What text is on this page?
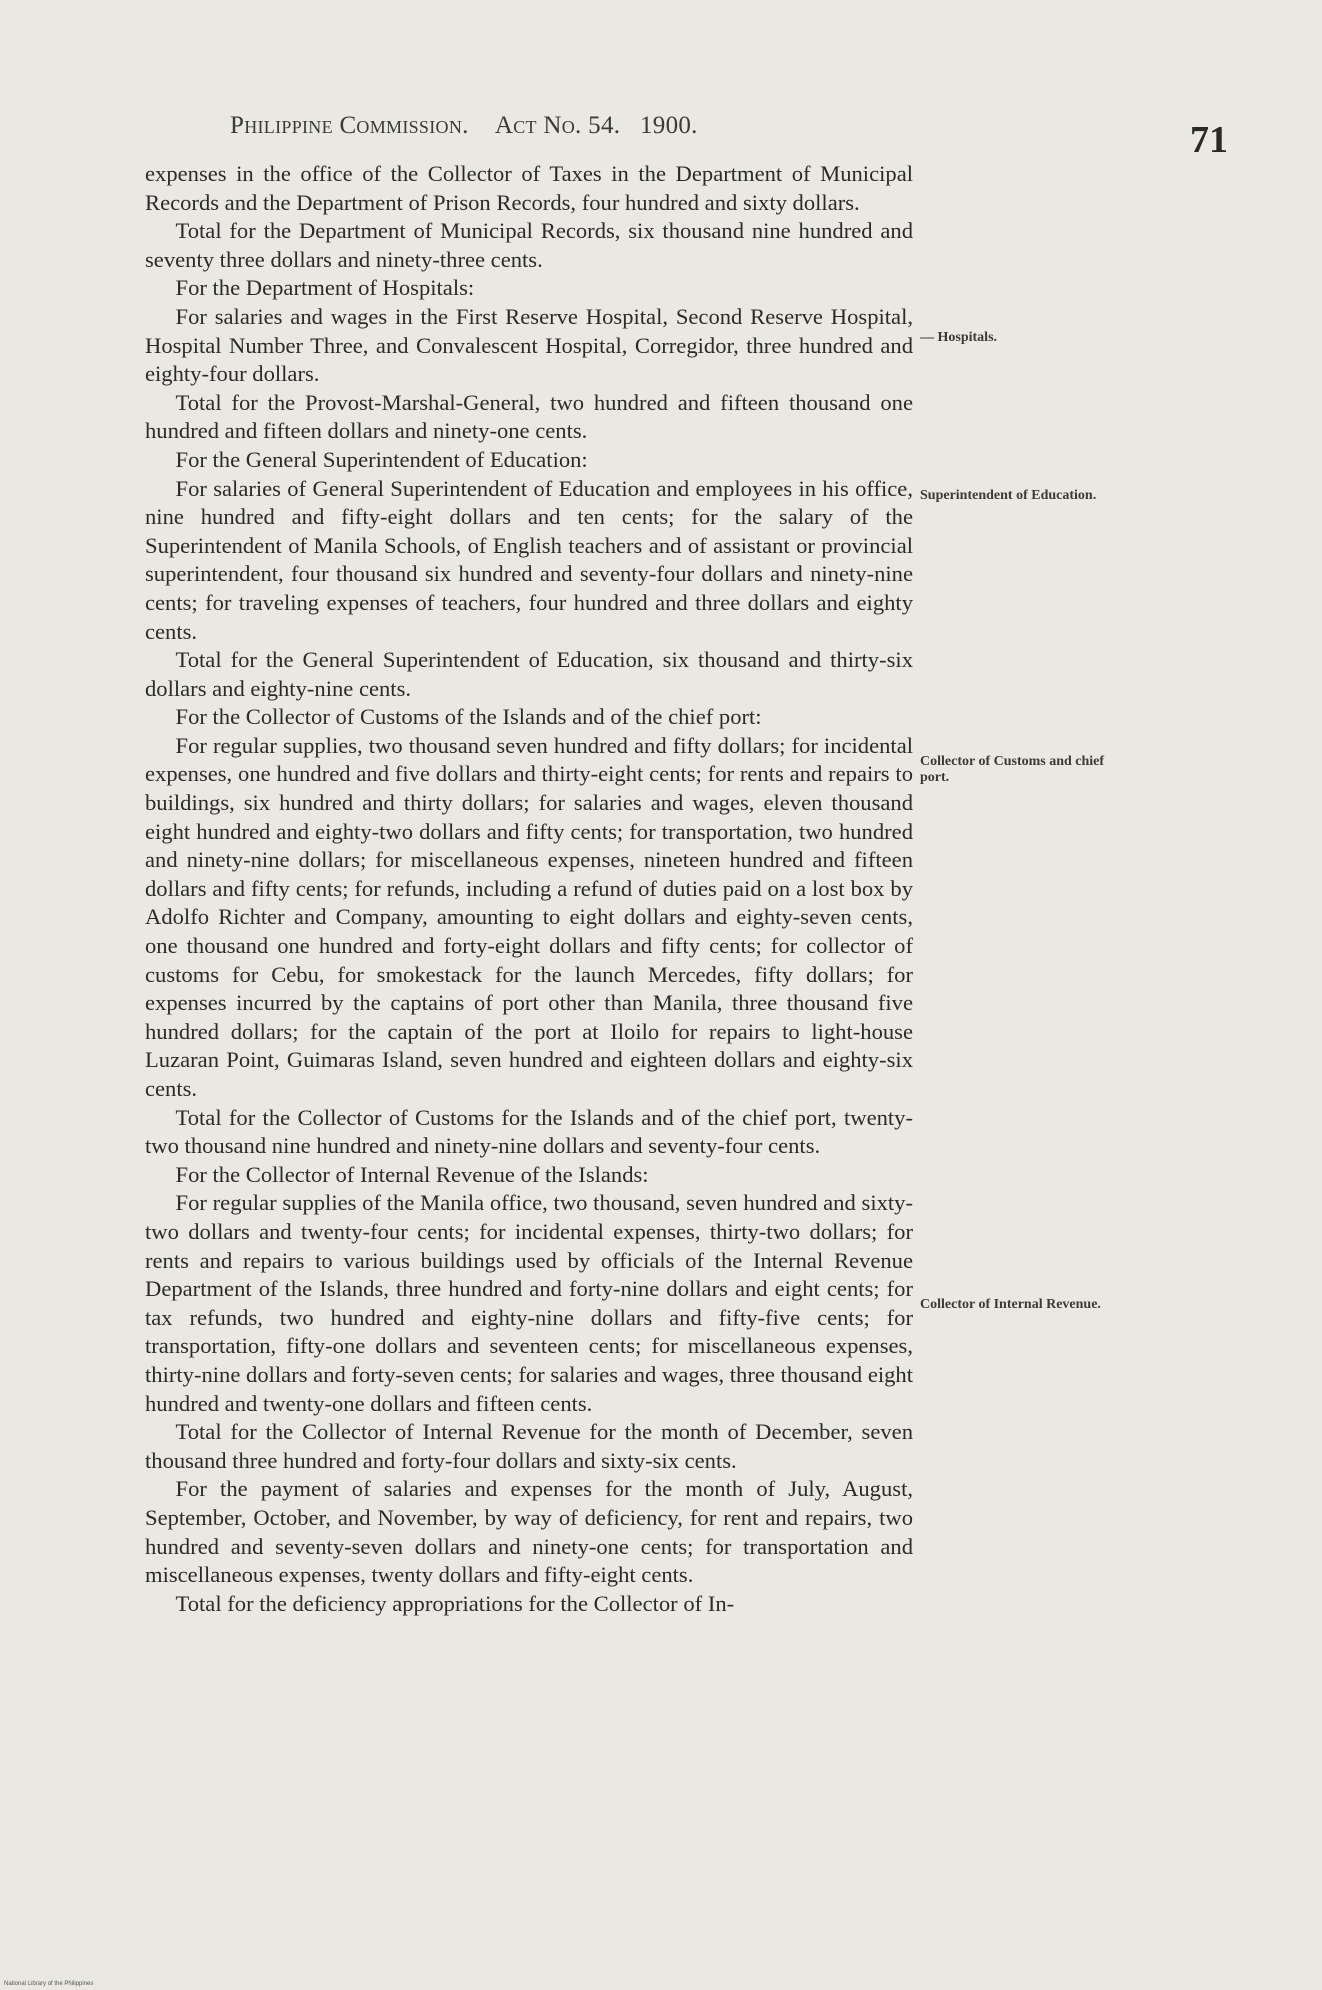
Philippine Commission. Act No. 54. 1900.	71

expenses in the office of the Collector of Taxes in the Department of Municipal Records and the Department of Prison Records, four hundred and sixty dollars.

Total for the Department of Municipal Records, six thousand nine hundred and seventy three dollars and ninety-three cents.

For the Department of Hospitals:

For salaries and wages in the First Reserve Hospital, Second Reserve Hospital, Hospital Number Three, and Convalescent Hospital, Corregidor, three hundred and eighty-four dollars.

Total for the Provost-Marshal-General, two hundred and fifteen thousand one hundred and fifteen dollars and ninety-one cents.

For the General Superintendent of Education:

For salaries of General Superintendent of Education and employees in his office, nine hundred and fifty-eight dollars and ten cents; for the salary of the Superintendent of Manila Schools, of English teachers and of assistant or provincial superintendent, four thousand six hundred and seventy-four dollars and ninety-nine cents; for traveling expenses of teachers, four hundred and three dollars and eighty cents.

Total for the General Superintendent of Education, six thousand and thirty-six dollars and eighty-nine cents.

For the Collector of Customs of the Islands and of the chief port:

For regular supplies, two thousand seven hundred and fifty dollars; for incidental expenses, one hundred and five dollars and thirty-eight cents; for rents and repairs to buildings, six hundred and thirty dollars; for salaries and wages, eleven thousand eight hundred and eighty-two dollars and fifty cents; for transportation, two hundred and ninety-nine dollars; for miscellaneous expenses, nineteen hundred and fifteen dollars and fifty cents; for refunds, including a refund of duties paid on a lost box by Adolfo Richter and Company, amounting to eight dollars and eighty-seven cents, one thousand one hundred and forty-eight dollars and fifty cents; for collector of customs for Cebu, for smokestack for the launch Mercedes, fifty dollars; for expenses incurred by the captains of port other than Manila, three thousand five hundred dollars; for the captain of the port at Iloilo for repairs to light-house Luzaran Point, Guimaras Island, seven hundred and eighteen dollars and eighty-six cents.

Total for the Collector of Customs for the Islands and of the chief port, twenty-two thousand nine hundred and ninety-nine dollars and seventy-four cents.

For the Collector of Internal Revenue of the Islands:

For regular supplies of the Manila office, two thousand, seven hundred and sixty-two dollars and twenty-four cents; for incidental expenses, thirty-two dollars; for rents and repairs to various buildings used by officials of the Internal Revenue Department of the Islands, three hundred and forty-nine dollars and eight cents; for tax refunds, two hundred and eighty-nine dollars and fifty-five cents; for transportation, fifty-one dollars and seventeen cents; for miscellaneous expenses, thirty-nine dollars and forty-seven cents; for salaries and wages, three thousand eight hundred and twenty-one dollars and fifteen cents.

Total for the Collector of Internal Revenue for the month of December, seven thousand three hundred and forty-four dollars and sixty-six cents.

For the payment of salaries and expenses for the month of July, August, September, October, and November, by way of deficiency, for rent and repairs, two hundred and seventy-seven dollars and ninety-one cents; for transportation and miscellaneous expenses, twenty dollars and fifty-eight cents.

Total for the deficiency appropriations for the Collector of In-

— Hospitals.
Superintendent of Education.
Collector of Customs and chief port.
Collector of Internal Revenue.
National Library of the Philippines
